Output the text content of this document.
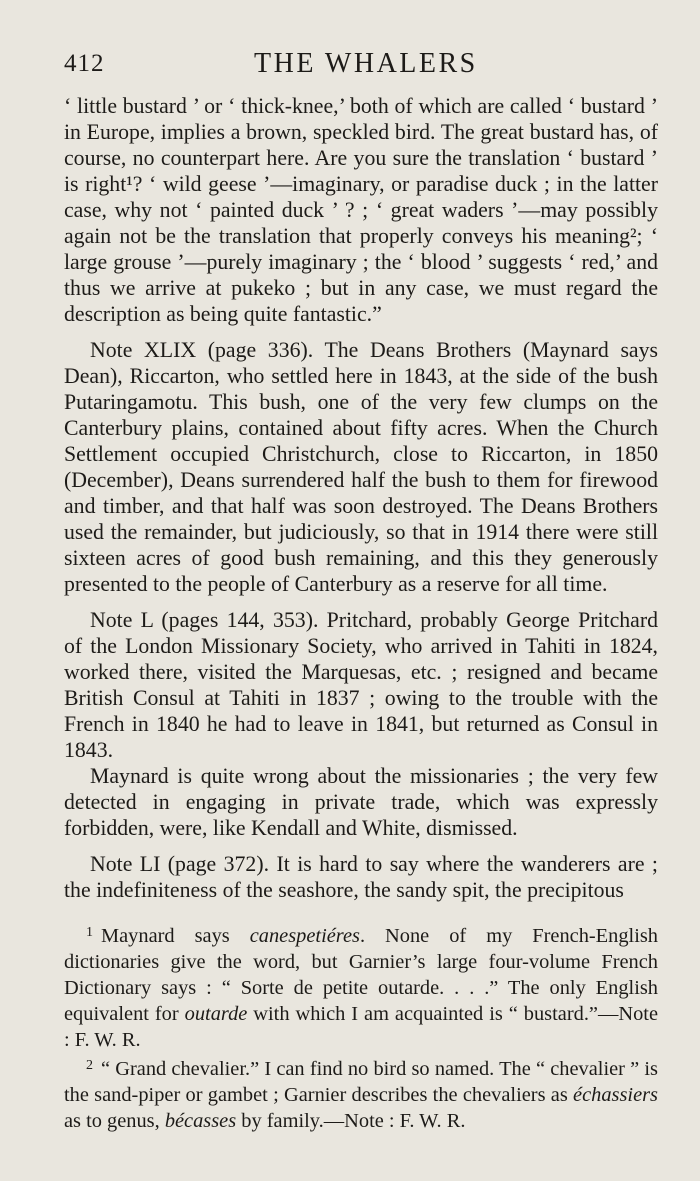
412	THE WHALERS

‘ little bustard ’ or ‘ thick-knee,’ both of which are called ‘ bustard ’ in Europe, implies a brown, speckled bird. The great bustard has, of course, no counterpart here. Are you sure the translation ‘ bustard ’ is right¹? ‘ wild geese ’—imaginary, or paradise duck ; in the latter case, why not ‘ painted duck ’ ? ; ‘ great waders ’—may possibly again not be the translation that properly conveys his meaning²; ‘ large grouse ’—purely imaginary ; the ‘ blood ’ suggests ‘ red,’ and thus we arrive at pukeko ; but in any case, we must regard the description as being quite fantastic.”

Note XLIX (page 336). The Deans Brothers (Maynard says Dean), Riccarton, who settled here in 1843, at the side of the bush Putaringamotu. This bush, one of the very few clumps on the Canterbury plains, contained about fifty acres. When the Church Settlement occupied Christchurch, close to Riccarton, in 1850 (December), Deans surrendered half the bush to them for firewood and timber, and that half was soon destroyed. The Deans Brothers used the remainder, but judiciously, so that in 1914 there were still sixteen acres of good bush remaining, and this they generously presented to the people of Canterbury as a reserve for all time.

Note L (pages 144, 353). Pritchard, probably George Pritchard of the London Missionary Society, who arrived in Tahiti in 1824, worked there, visited the Marquesas, etc. ; resigned and became British Consul at Tahiti in 1837 ; owing to the trouble with the French in 1840 he had to leave in 1841, but returned as Consul in 1843.

Maynard is quite wrong about the missionaries ; the very few detected in engaging in private trade, which was expressly forbidden, were, like Kendall and White, dismissed.

Note LI (page 372). It is hard to say where the wanderers are ; the indefiniteness of the seashore, the sandy spit, the precipitous

$^1$ Maynard says canespetiéres. None of my French-English dictionaries give the word, but Garnier’s large four-volume French Dictionary says : “ Sorte de petite outarde. . . .” The only English equivalent for outarde with which I am acquainted is “ bustard.”—Note : F. W. R.

$^2$ “ Grand chevalier.” I can find no bird so named. The “ chevalier ” is the sand-piper or gambet ; Garnier describes the chevaliers as échassiers as to genus, bécasses by family.—Note : F. W. R.
